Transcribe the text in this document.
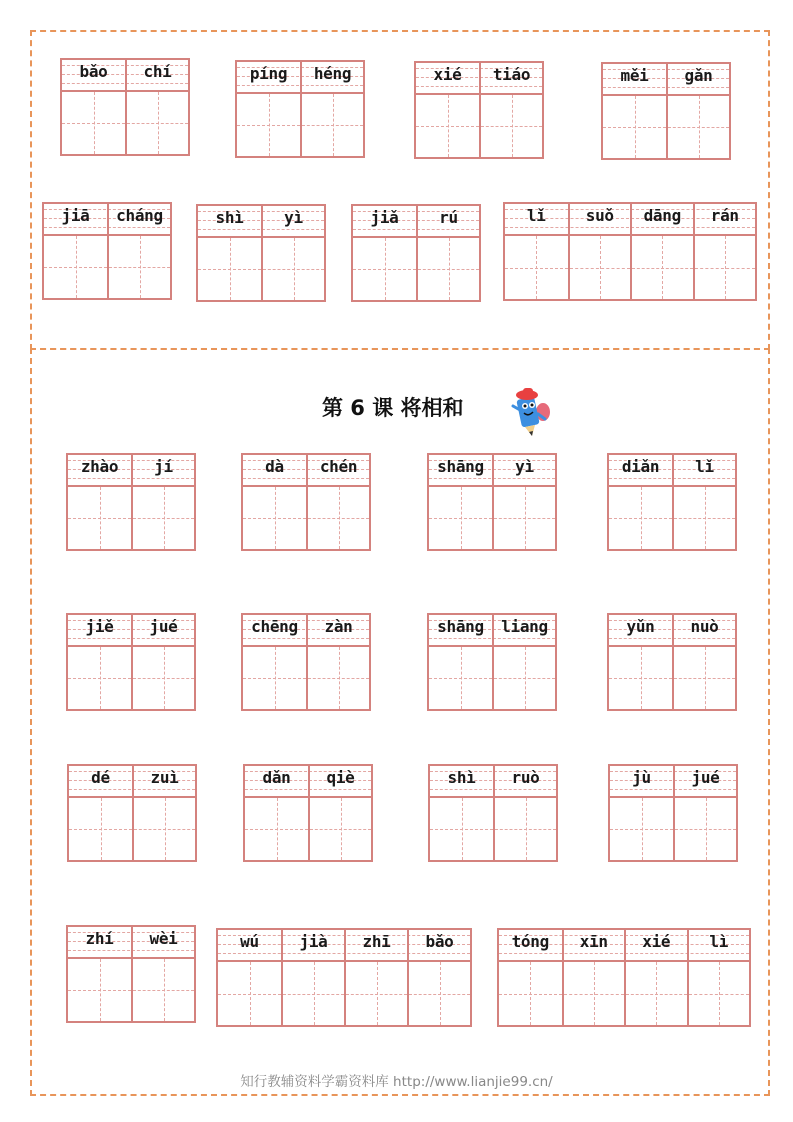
bǎo	chí	píng	héng	xié	tiáo	měi	gǎn
jiā	cháng	shì	yì	jiǎ	rú	lǐ	suǒ	dāng	rán
zhào	jí	dà	chén	shāng	yì	diǎn	lǐ
jiě	jué	chēng	zàn	shāng	liang	yǔn	nuò
dé	zuì	dǎn	qiè	shì	ruò	jù	jué
zhí	wèi	wú	jià	zhī	bǎo	tóng	xīn	xié	lì
第 6 课 将相和
知行教辅资料学霸资料库 http://www.lianjie99.cn/
